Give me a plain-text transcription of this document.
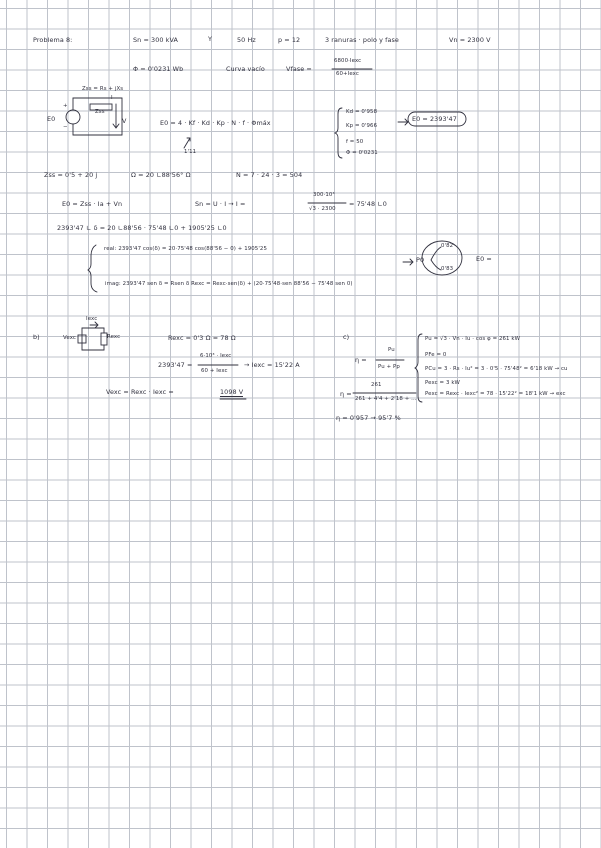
Problema 8:	Sn = 300 kVA	Y	50 Hz	p = 12	3 ranuras · polo y fase	Vn = 2300 V
Φ = 0'0231 Wb	Curva vacío	Vfase =
6800·Iexc
60+Iexc
Zss = Rs + jXs
E0
+
−
Zss
V
I
E0 = 4 · Kf · Kd · Kp · N · f · Φmáx
1'11
Kd = 0'958
Kp = 0'966
f = 50
Φ = 0'0231
E0 = 2393'47
Zss = 0'5 + 20 j	Ω = 20 ∟88'56° Ω	N = 7 · 24 · 3 = 504
E0 = Zss · Ia + Vn	Sn = U · I → I =
300·10³
√3 · 2300
= 75'48 ∟0
2393'47 ∟ δ = 20 ∟88'56 · 75'48 ∟0 + 1905'25 ∟0
real: 2393'47 cos(δ) = 20·75'48 cos(88'56 − 0) + 1905'25
imag: 2393'47 sen δ = Rsen δ Rexc = Rexc·sen(δ) + (20·75'48·sen 88'56 − 75'48 sen 0)
P0
0'82
0'83
E0 =
b)
Iexc
Vexc	Rexc	Rexc = 0'3 Ω = 78 Ω
2393'47 =
6·10³ · Iexc
60 + Iexc
→ Iexc = 15'22 A
Vexc = Rexc · Iexc =	1098 V
c)
η =
Pu
Pu + Pp
η =
261
261 + 4'4 + 2'18 + ...
Pu = √3 · Vn · Iu · cos φ = 261 kW
PFe = 0
PCu = 3 · Rs · Iu² = 3 · 0'5 · 75'48² = 6'18 kW → cu
Pexc = 3 kW
Pexc = Rexc · Iexc² = 78 · 15'22² = 18'1 kW → exc
η = 0'957 → 95'7 %
